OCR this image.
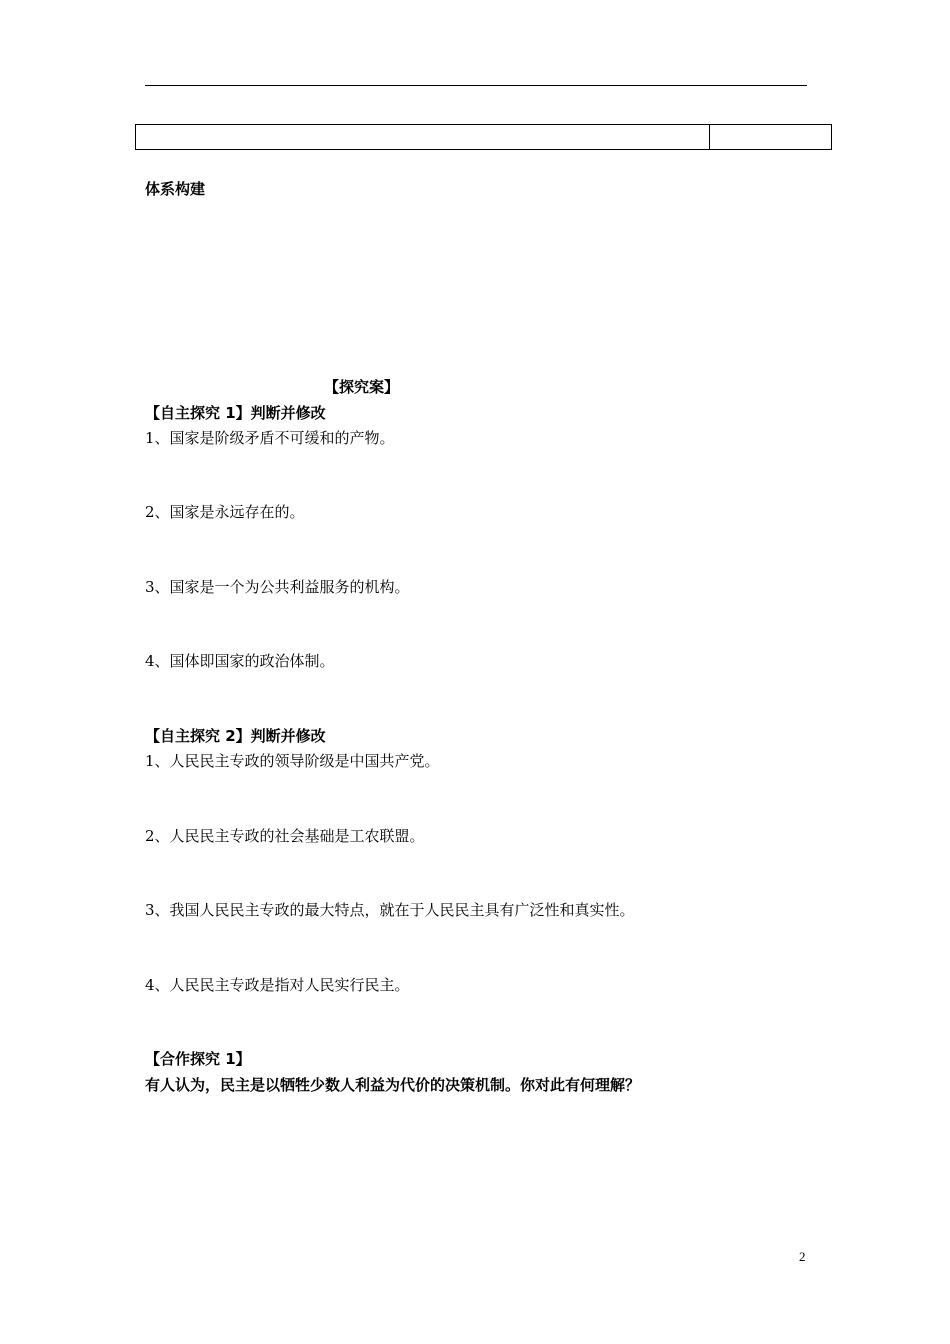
体系构建
【探究案】
【自主探究 1】判断并修改
1、国家是阶级矛盾不可缓和的产物。
2、国家是永远存在的。
3、国家是一个为公共利益服务的机构。
4、国体即国家的政治体制。
【自主探究 2】判断并修改
1、人民民主专政的领导阶级是中国共产党。
2、人民民主专政的社会基础是工农联盟。
3、我国人民民主专政的最大特点，就在于人民民主具有广泛性和真实性。
4、人民民主专政是指对人民实行民主。
【合作探究 1】
有人认为，民主是以牺牲少数人利益为代价的决策机制。你对此有何理解？
2
